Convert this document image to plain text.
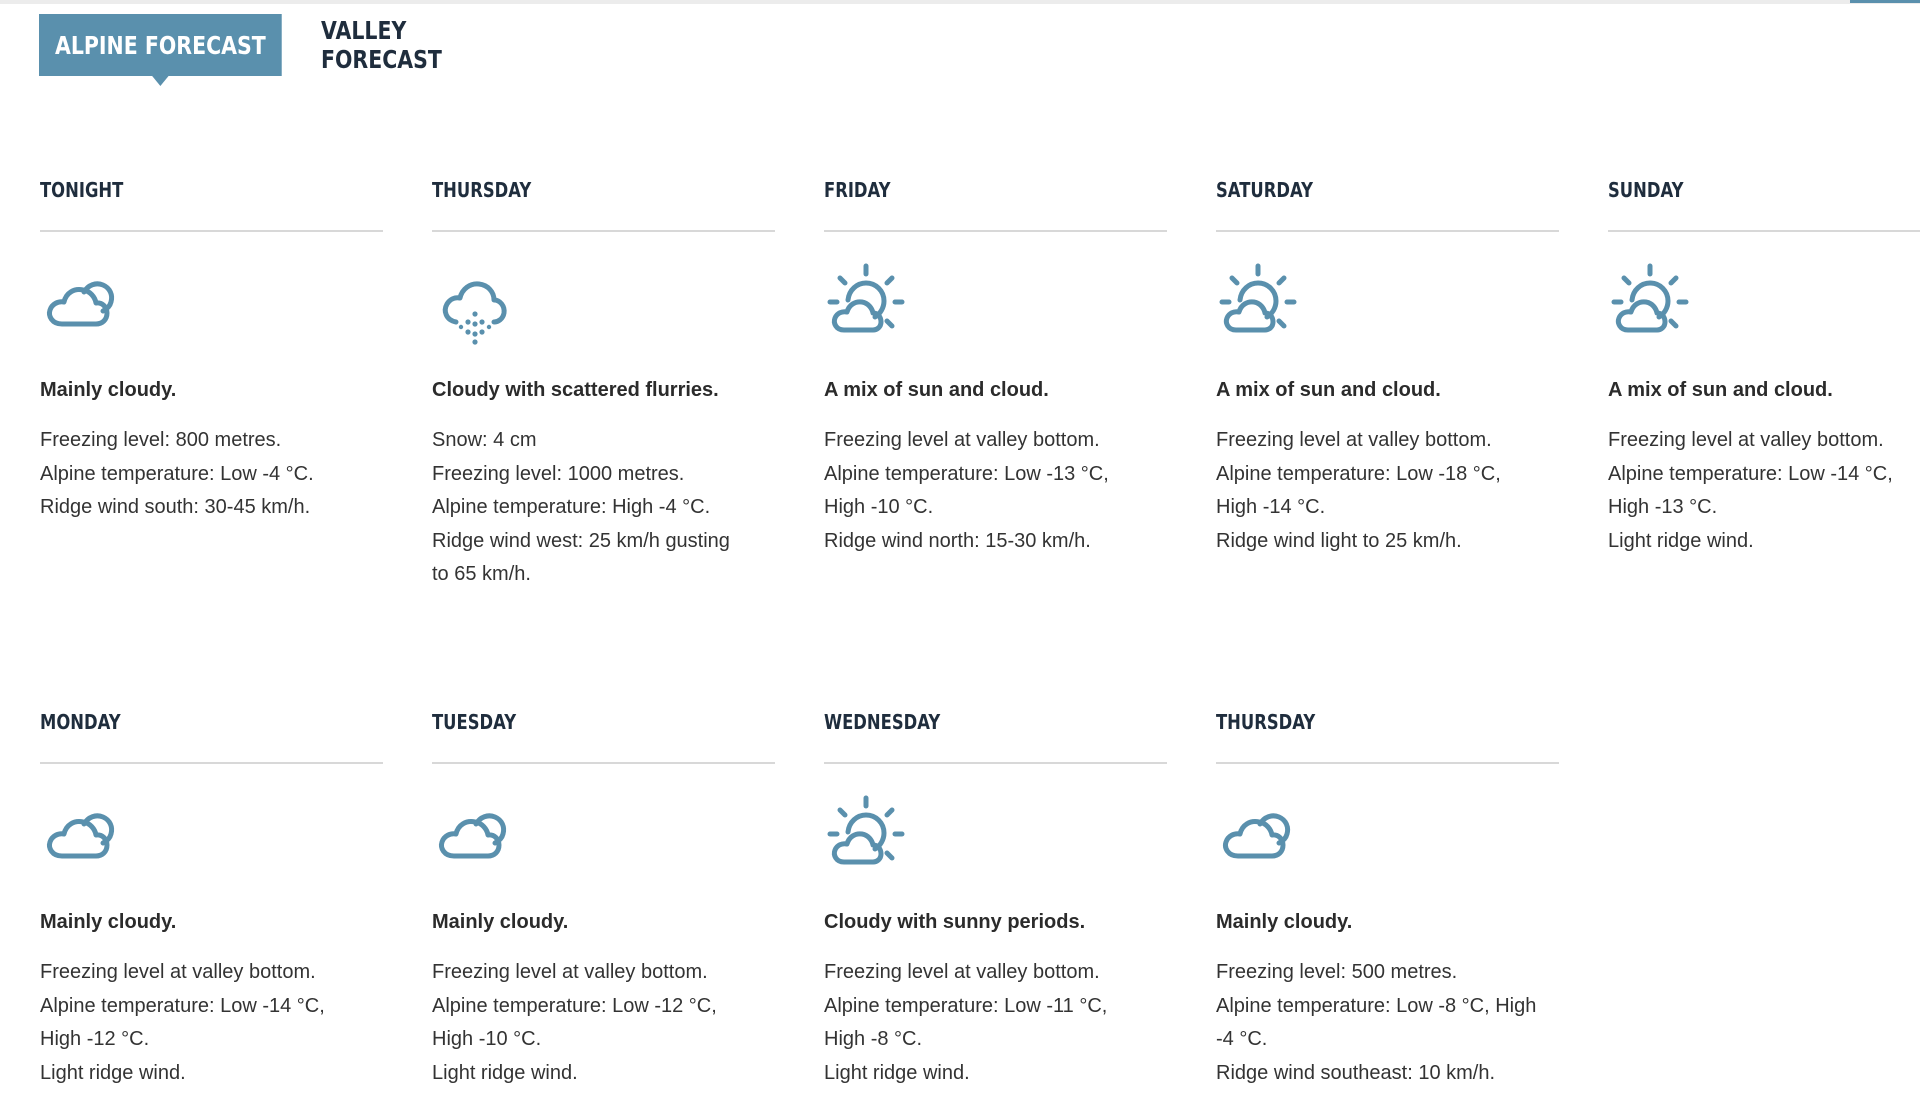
ALPINE FORECAST VALLEY FORECAST
TONIGHT
Mainly cloudy.
Freezing level: 800 metres.
Alpine temperature: Low -4 °C.
Ridge wind south: 30-45 km/h.
THURSDAY
Cloudy with scattered flurries.
Snow: 4 cm
Freezing level: 1000 metres.
Alpine temperature: High -4 °C.
Ridge wind west: 25 km/h gusting
to 65 km/h.
FRIDAY
A mix of sun and cloud.
Freezing level at valley bottom.
Alpine temperature: Low -13 °C,
High -10 °C.
Ridge wind north: 15-30 km/h.
SATURDAY
A mix of sun and cloud.
Freezing level at valley bottom.
Alpine temperature: Low -18 °C,
High -14 °C.
Ridge wind light to 25 km/h.
SUNDAY
A mix of sun and cloud.
Freezing level at valley bottom.
Alpine temperature: Low -14 °C,
High -13 °C.
Light ridge wind.
MONDAY
Mainly cloudy.
Freezing level at valley bottom.
Alpine temperature: Low -14 °C,
High -12 °C.
Light ridge wind.
TUESDAY
Mainly cloudy.
Freezing level at valley bottom.
Alpine temperature: Low -12 °C,
High -10 °C.
Light ridge wind.
WEDNESDAY
Cloudy with sunny periods.
Freezing level at valley bottom.
Alpine temperature: Low -11 °C,
High -8 °C.
Light ridge wind.
THURSDAY
Mainly cloudy.
Freezing level: 500 metres.
Alpine temperature: Low -8 °C, High
-4 °C.
Ridge wind southeast: 10 km/h.
